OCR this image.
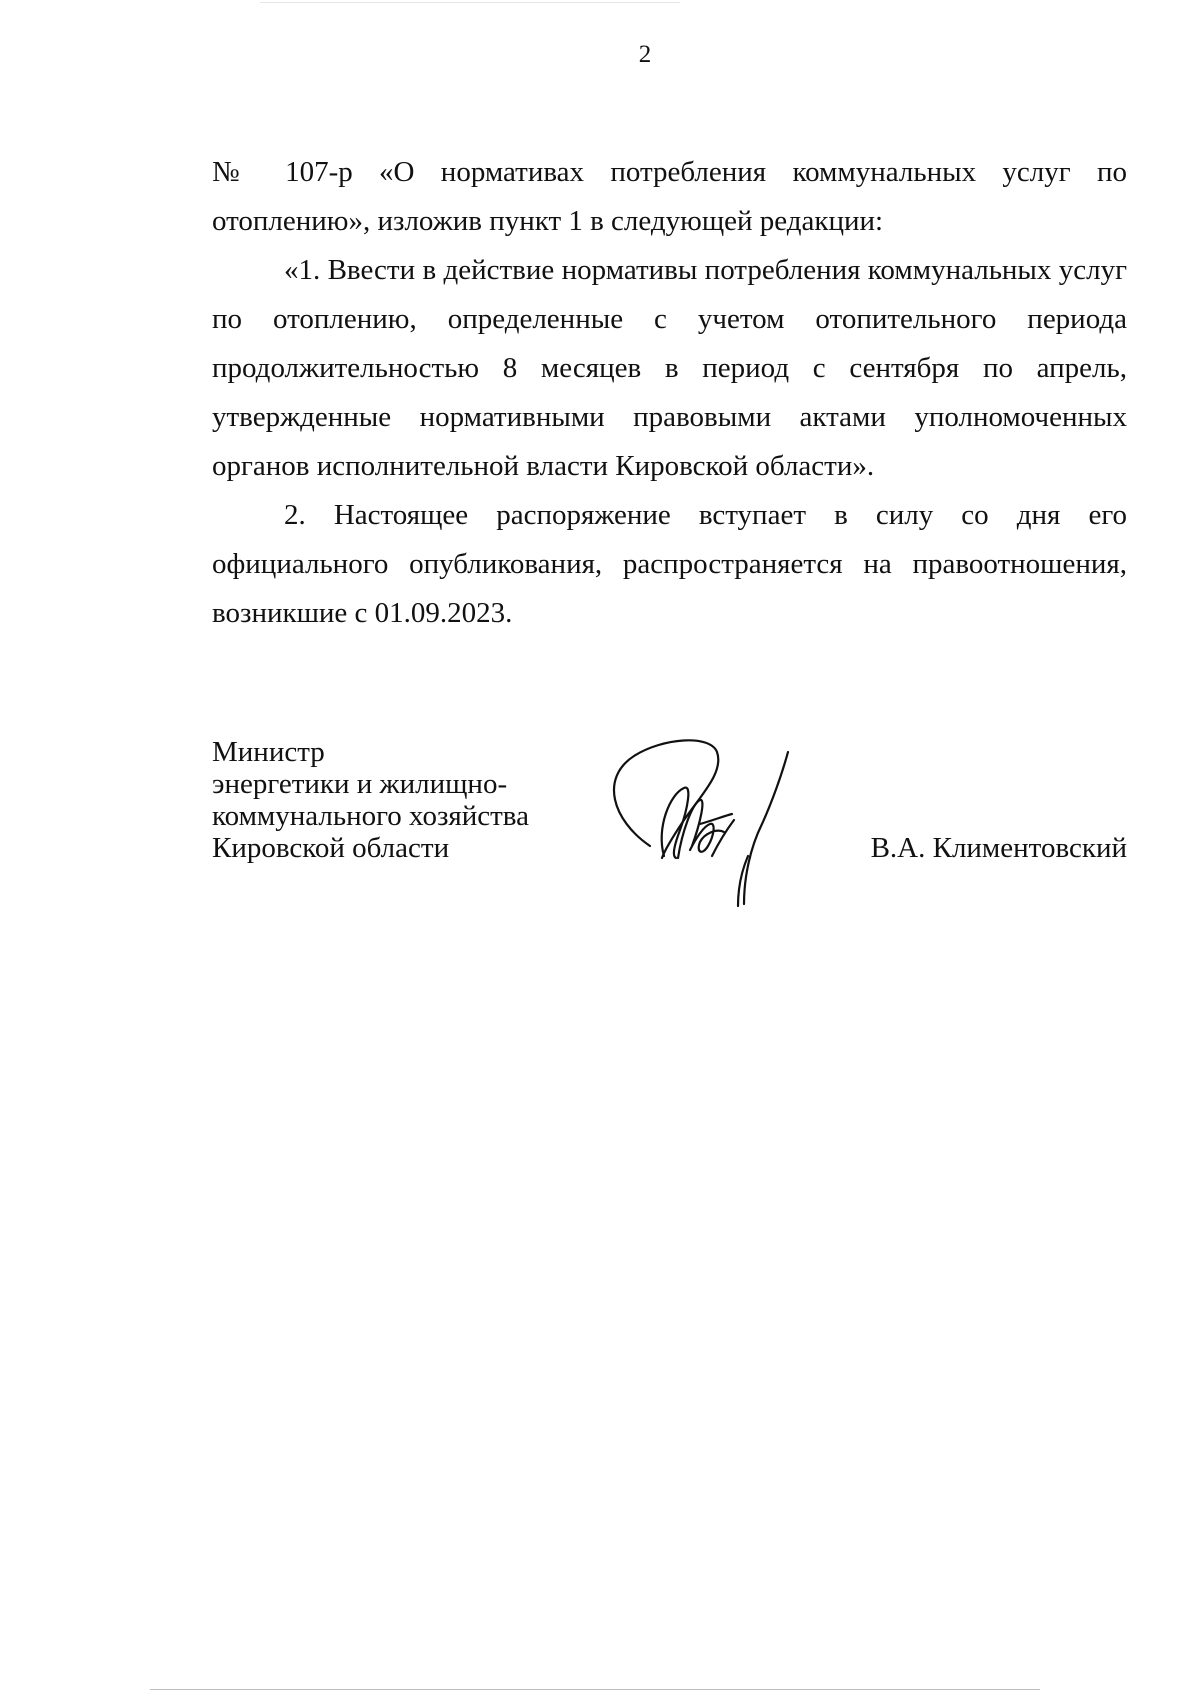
2

№ 107-р «О нормативах потребления коммунальных услуг по отоплению», изложив пункт 1 в следующей редакции:

«1. Ввести в действие нормативы потребления коммунальных услуг по отоплению, определенные с учетом отопительного периода продолжительностью 8 месяцев в период с сентября по апрель, утвержденные нормативными правовыми актами уполномоченных органов исполнительной власти Кировской области».

2. Настоящее распоряжение вступает в силу со дня его официального опубликования, распространяется на правоотношения, возникшие с 01.09.2023.

Министр
энергетики и жилищно-
коммунального хозяйства
Кировской области	В.А. Климентовский
